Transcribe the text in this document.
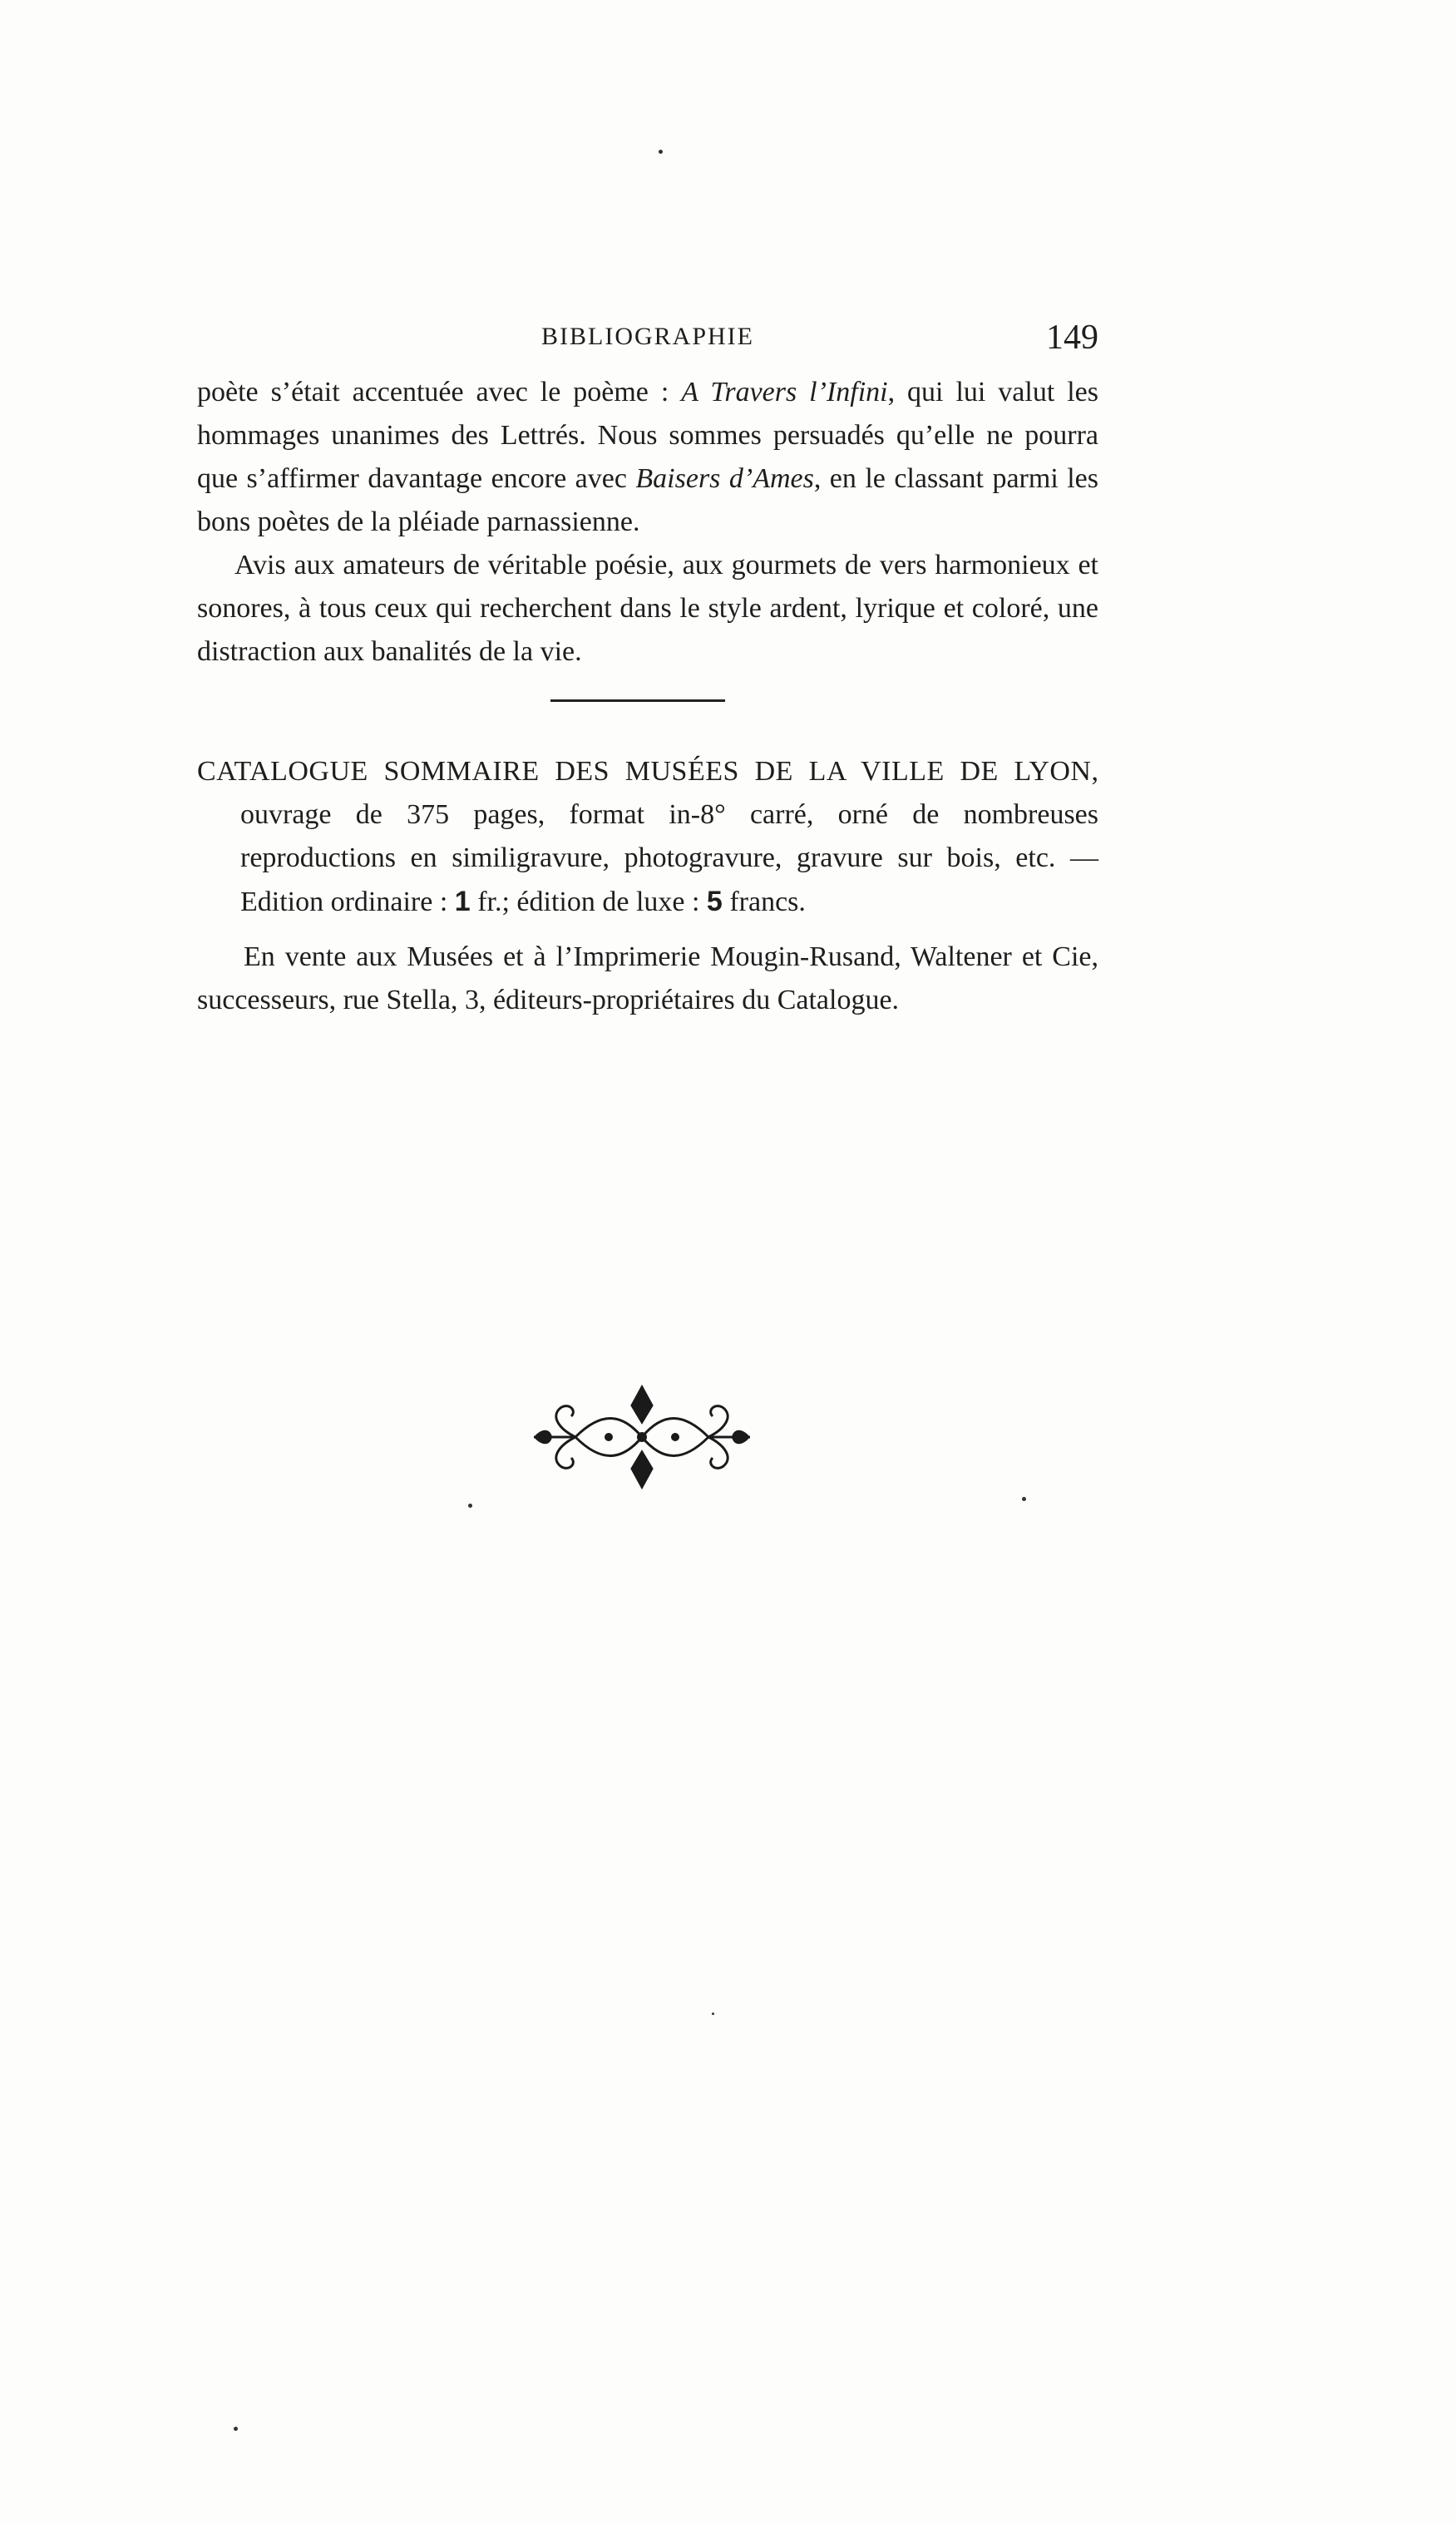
BIBLIOGRAPHIE	149

poète s’était accentuée avec le poème : A Travers l’Infini, qui lui valut les hommages unanimes des Lettrés. Nous sommes persuadés qu’elle ne pourra que s’affirmer davantage encore avec Baisers d’Ames, en le classant parmi les bons poètes de la pléiade parnassienne.

Avis aux amateurs de véritable poésie, aux gourmets de vers harmonieux et sonores, à tous ceux qui recherchent dans le style ardent, lyrique et coloré, une distraction aux banalités de la vie.

CATALOGUE SOMMAIRE DES MUSÉES DE LA VILLE DE LYON, ouvrage de 375 pages, format in-8° carré, orné de nombreuses reproductions en similigravure, photogravure, gravure sur bois, etc. — Edition ordinaire : 1 fr.; édition de luxe : 5 francs.

En vente aux Musées et à l’Imprimerie Mougin-Rusand, Waltener et Cie, successeurs, rue Stella, 3, éditeurs-propriétaires du Catalogue.
